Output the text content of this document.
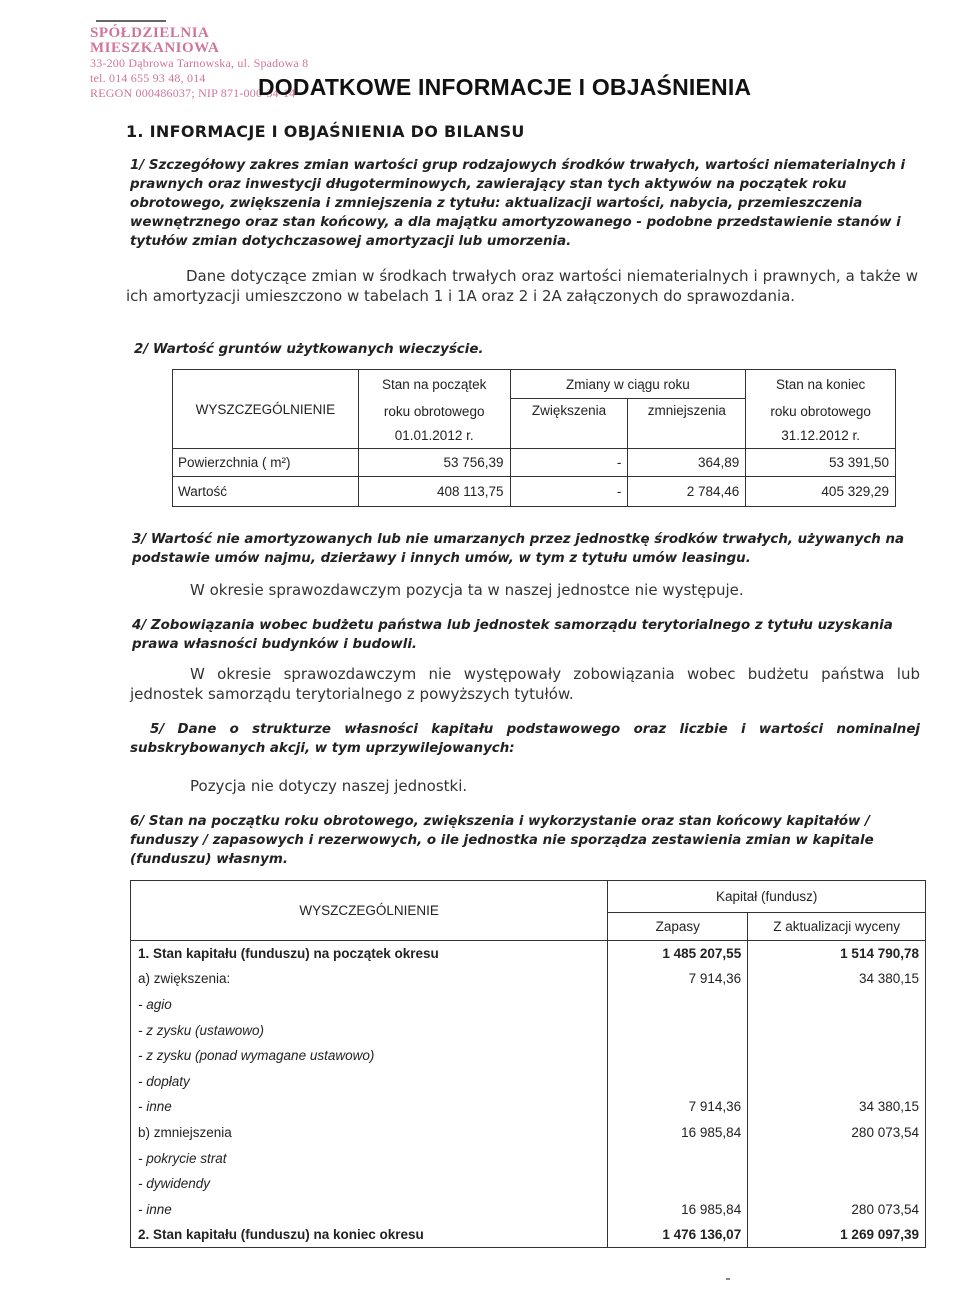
SPÓŁDZIELNIA MIESZKANIOWA
33-200 Dąbrowa Tarnowska, ul. Spadowa 8
tel. 014 655 93 48, 014
REGON 000486037; NIP 871-000-34-14
DODATKOWE INFORMACJE I OBJAŚNIENIA
1. INFORMACJE I OBJAŚNIENIA DO BILANSU
1/ Szczegółowy zakres zmian wartości grup rodzajowych środków trwałych, wartości niematerialnych i prawnych oraz inwestycji długoterminowych, zawierający stan tych aktywów na początek roku obrotowego, zwiększenia i zmniejszenia z tytułu: aktualizacji wartości, nabycia, przemieszczenia wewnętrznego oraz stan końcowy, a dla majątku amortyzowanego - podobne przedstawienie stanów i tytułów zmian dotychczasowej amortyzacji lub umorzenia.
Dane dotyczące zmian w środkach trwałych oraz wartości niematerialnych i prawnych, a także w ich amortyzacji umieszczono w tabelach 1 i 1A oraz 2 i 2A załączonych do sprawozdania.
2/ Wartość gruntów użytkowanych wieczyście.
WYSZCZEGÓLNIENIE	Stan na początek	Zmiany w ciągu roku		Stan na koniec
	roku obrotowego	Zwiększenia	zmniejszenia	roku obrotowego
	01.01.2012 r.			31.12.2012 r.
Powierzchnia ( m²)	53 756,39	-	364,89	53 391,50
Wartość	408 113,75	-	2 784,46	405 329,29
3/ Wartość nie amortyzowanych lub nie umarzanych przez jednostkę środków trwałych, używanych na podstawie umów najmu, dzierżawy i innych umów, w tym z tytułu umów leasingu.
W okresie sprawozdawczym pozycja ta w naszej jednostce nie występuje.
4/ Zobowiązania wobec budżetu państwa lub jednostek samorządu terytorialnego z tytułu uzyskania prawa własności budynków i budowli.
W okresie sprawozdawczym nie występowały zobowiązania wobec budżetu państwa lub jednostek samorządu terytorialnego z powyższych tytułów.
5/ Dane o strukturze własności kapitału podstawowego oraz liczbie i wartości nominalnej subskrybowanych akcji, w tym uprzywilejowanych:
Pozycja nie dotyczy naszej jednostki.
6/ Stan na początku roku obrotowego, zwiększenia i wykorzystanie oraz stan końcowy kapitałów / funduszy / zapasowych i rezerwowych, o ile jednostka nie sporządza zestawienia zmian w kapitale (funduszu) własnym.
WYSZCZEGÓLNIENIE	Kapitał (fundusz)	
	Zapasy	Z aktualizacji wyceny
1. Stan kapitału (funduszu) na początek okresu	1 485 207,55	1 514 790,78
a) zwiększenia:	7 914,36	34 380,15
- agio		
- z zysku (ustawowo)		
- z zysku (ponad wymagane ustawowo)		
- dopłaty		
- inne	7 914,36	34 380,15
b) zmniejszenia	16 985,84	280 073,54
- pokrycie strat		
- dywidendy		
- inne	16 985,84	280 073,54
2. Stan kapitału (funduszu) na koniec okresu	1 476 136,07	1 269 097,39
